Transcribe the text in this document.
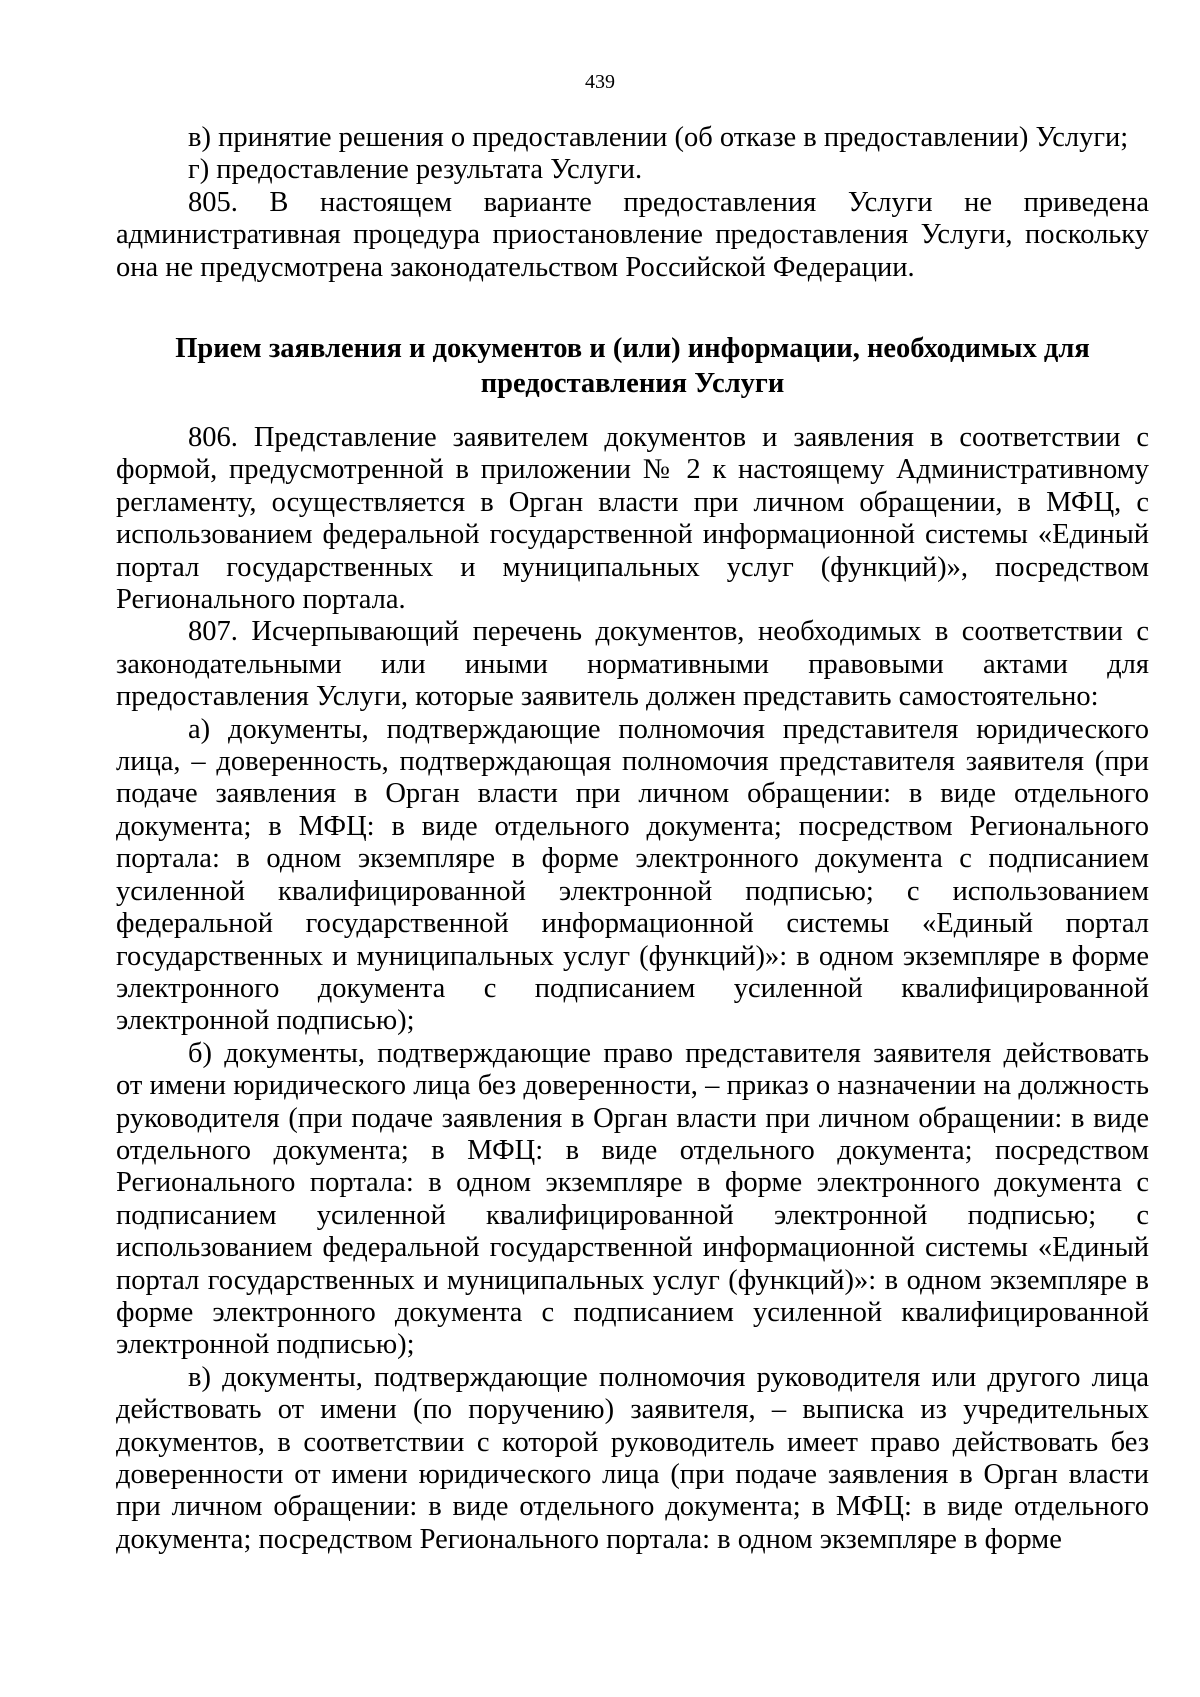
439

в) принятие решения о предоставлении (об отказе в предоставлении) Услуги;

г) предоставление результата Услуги.

805. В настоящем варианте предоставления Услуги не приведена административная процедура приостановление предоставления Услуги, поскольку она не предусмотрена законодательством Российской Федерации.

Прием заявления и документов и (или) информации, необходимых для
предоставления Услуги

806. Представление заявителем документов и заявления в соответствии с формой, предусмотренной в приложении № 2 к настоящему Административному регламенту, осуществляется в Орган власти при личном обращении, в МФЦ, с использованием федеральной государственной информационной системы «Единый портал государственных и муниципальных услуг (функций)», посредством Регионального портала.

807. Исчерпывающий перечень документов, необходимых в соответствии с законодательными или иными нормативными правовыми актами для предоставления Услуги, которые заявитель должен представить самостоятельно:

а) документы, подтверждающие полномочия представителя юридического лица, – доверенность, подтверждающая полномочия представителя заявителя (при подаче заявления в Орган власти при личном обращении: в виде отдельного документа; в МФЦ: в виде отдельного документа; посредством Регионального портала: в одном экземпляре в форме электронного документа с подписанием усиленной квалифицированной электронной подписью; с использованием федеральной государственной информационной системы «Единый портал государственных и муниципальных услуг (функций)»: в одном экземпляре в форме электронного документа с подписанием усиленной квалифицированной электронной подписью);

б) документы, подтверждающие право представителя заявителя действовать от имени юридического лица без доверенности, – приказ о назначении на должность руководителя (при подаче заявления в Орган власти при личном обращении: в виде отдельного документа; в МФЦ: в виде отдельного документа; посредством Регионального портала: в одном экземпляре в форме электронного документа с подписанием усиленной квалифицированной электронной подписью; с использованием федеральной государственной информационной системы «Единый портал государственных и муниципальных услуг (функций)»: в одном экземпляре в форме электронного документа с подписанием усиленной квалифицированной электронной подписью);

в) документы, подтверждающие полномочия руководителя или другого лица действовать от имени (по поручению) заявителя, – выписка из учредительных документов, в соответствии с которой руководитель имеет право действовать без доверенности от имени юридического лица (при подаче заявления в Орган власти при личном обращении: в виде отдельного документа; в МФЦ: в виде отдельного документа; посредством Регионального портала: в одном экземпляре в форме
